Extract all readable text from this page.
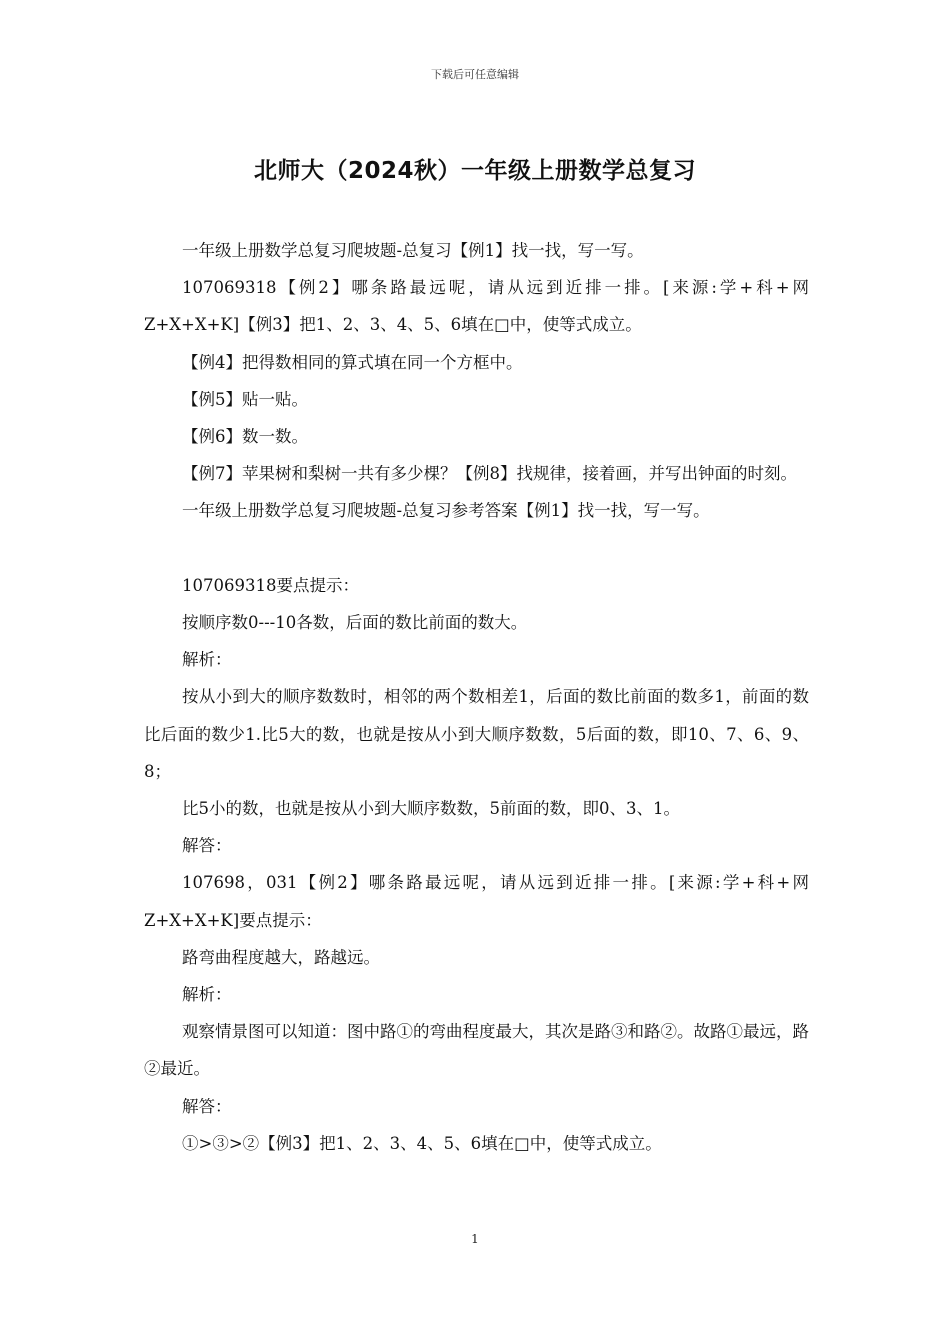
下载后可任意编辑
北师大（2024秋）一年级上册数学总复习

一年级上册数学总复习爬坡题-总复习【例1】找一找，写一写。

107069318【例2】哪条路最远呢，请从远到近排一排。[来源:学+科+网Z+X+X+K]【例3】把1、2、3、4、5、6填在□中，使等式成立。

【例4】把得数相同的算式填在同一个方框中。

【例5】贴一贴。

【例6】数一数。

【例7】苹果树和梨树一共有多少棵？【例8】找规律，接着画，并写出钟面的时刻。

一年级上册数学总复习爬坡题-总复习参考答案【例1】找一找，写一写。

107069318要点提示：

按顺序数0---10各数，后面的数比前面的数大。

解析：

按从小到大的顺序数数时，相邻的两个数相差1，后面的数比前面的数多1，前面的数比后面的数少1.比5大的数，也就是按从小到大顺序数数，5后面的数，即10、7、6、9、8；

比5小的数，也就是按从小到大顺序数数，5前面的数，即0、3、1。

解答：

107698，031【例2】哪条路最远呢，请从远到近排一排。[来源:学+科+网Z+X+X+K]要点提示：

路弯曲程度越大，路越远。

解析：

观察情景图可以知道：图中路①的弯曲程度最大，其次是路③和路②。故路①最远，路②最近。

解答：

①>③>②【例3】把1、2、3、4、5、6填在□中，使等式成立。

1
